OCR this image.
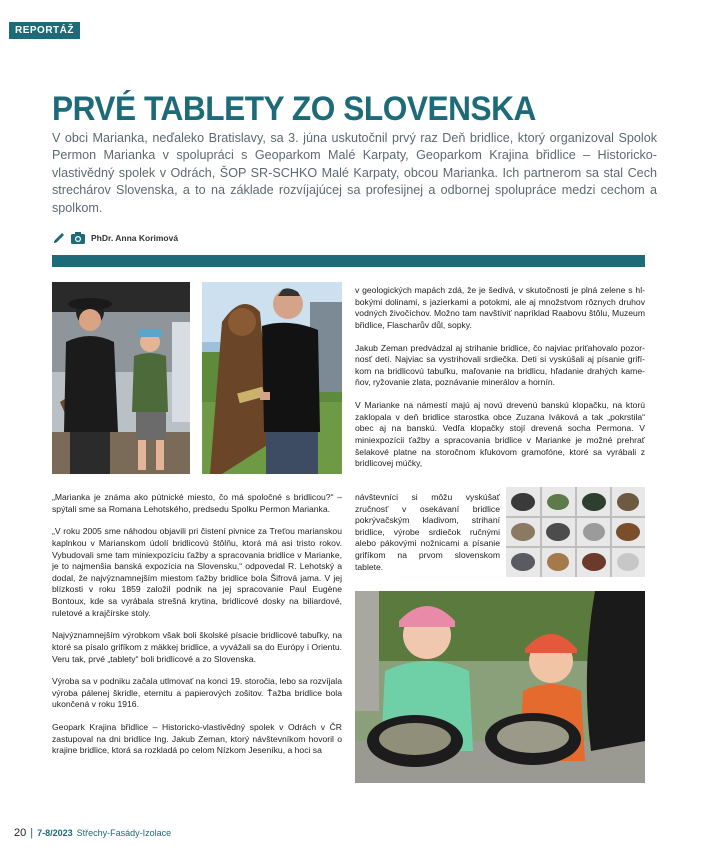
REPORTÁŽ
PRVÉ TABLETY ZO SLOVENSKA

V obci Marianka, neďaleko Bratislavy, sa 3. júna uskutočnil prvý raz Deň bridlice, ktorý organizoval Spolok Permon Marianka v spolupráci s Geoparkom Malé Karpaty, Geoparkom Krajina břidlice – Historicko-vlastivědný spolek v Odrách, ŠOP SR-SCHKO Malé Karpaty, obcou Marianka. Ich partnerom sa stal Cech strechárov Slovenska, a to na základe rozvíjajúcej sa profesijnej a odbornej spolupráce medzi cechom a spolkom.

PhDr. Anna Korimová

„Marianka je známa ako pútnické miesto, čo má spoločné s bridlicou?“ – spýtali sme sa Romana Lehotského, predsedu Spolku Permon Marianka.

„V roku 2005 sme náhodou objavili pri čistení pivnice za Treťou marianskou kaplnkou v Marianskom údolí bridlicovú štôlňu, ktorá má asi tristo rokov. Vybudovali sme tam miniexpozíciu ťažby a spracovania bridlice v Marianke, je to najmenšia banská expozícia na Slovensku,“ odpovedal R. Lehotský a dodal, že najvýznamnejším miestom ťažby bridlice bola Šifrová jama. V jej blízkosti v roku 1859 založil podnik na jej spracovanie Paul Eugène Bontoux, kde sa vyrábala strešná krytina, bridlicové dosky na biliardové, ruletové a krajčírske stoly.

Najvýznamnejším výrobkom však boli školské písacie bridlicové tabuľky, na ktoré sa písalo grifíkom z mäkkej bridlice, a vyvážali sa do Európy i Orientu. Veru tak, prvé „tablety“ boli bridlicové a zo Slovenska.

Výroba sa v podniku začala utlmovať na konci 19. storočia, lebo sa rozvíjala výroba pálenej škridle, eternitu a papierových zošitov. Ťažba bridlice bola ukončená v roku 1916.

Geopark Krajina břidlice – Historicko-vlastivědný spolek v Odrách v ČR zastupoval na dni bridlice Ing. Jakub Zeman, ktorý návštevníkom hovoril o krajine bridlice, ktorá sa rozkladá po celom Nízkom Jeseníku, a hoci sa

v geologických mapách zdá, že je šedivá, v skutočnosti je plná zelene s hlbokými dolinami, s jazierkami a potokmi, ale aj množstvom rôznych druhov vodných živočíchov. Možno tam navštíviť napríklad Raabovu štôlu, Muzeum břidlice, Flascharův důl, sopky.

Jakub Zeman predvádzal aj strihanie bridlice, čo najviac priťahovalo pozornosť detí. Najviac sa vystrihovali srdiečka. Deti si vyskúšali aj písanie grifíkom na bridlicovú tabuľku, maľovanie na bridlicu, hľadanie drahých kameňov, ryžovanie zlata, poznávanie minerálov a hornín.

V Marianke na námestí majú aj novú drevenú banskú klopačku, na ktorú zaklopala v deň bridlice starostka obce Zuzana Iváková a tak „pokrstila“ obec aj na banskú. Vedľa klopačky stojí drevená socha Permona. V miniexpozícii ťažby a spracovania bridlice v Marianke je možné prehrať šelakové platne na storočnom kľukovom gramofóne, ktoré sa vyrábali z bridlicovej múčky,

návštevníci si môžu vyskúšať zručnosť v osekávaní bridlice pokrývačským kladivom, strihaní bridlice, výrobe srdiečok ručnými alebo pákovými nožnicami a písanie grifíkom na prvom slovenskom tablete.

20 | 7-8/2023 Střechy-Fasády-Izolace
